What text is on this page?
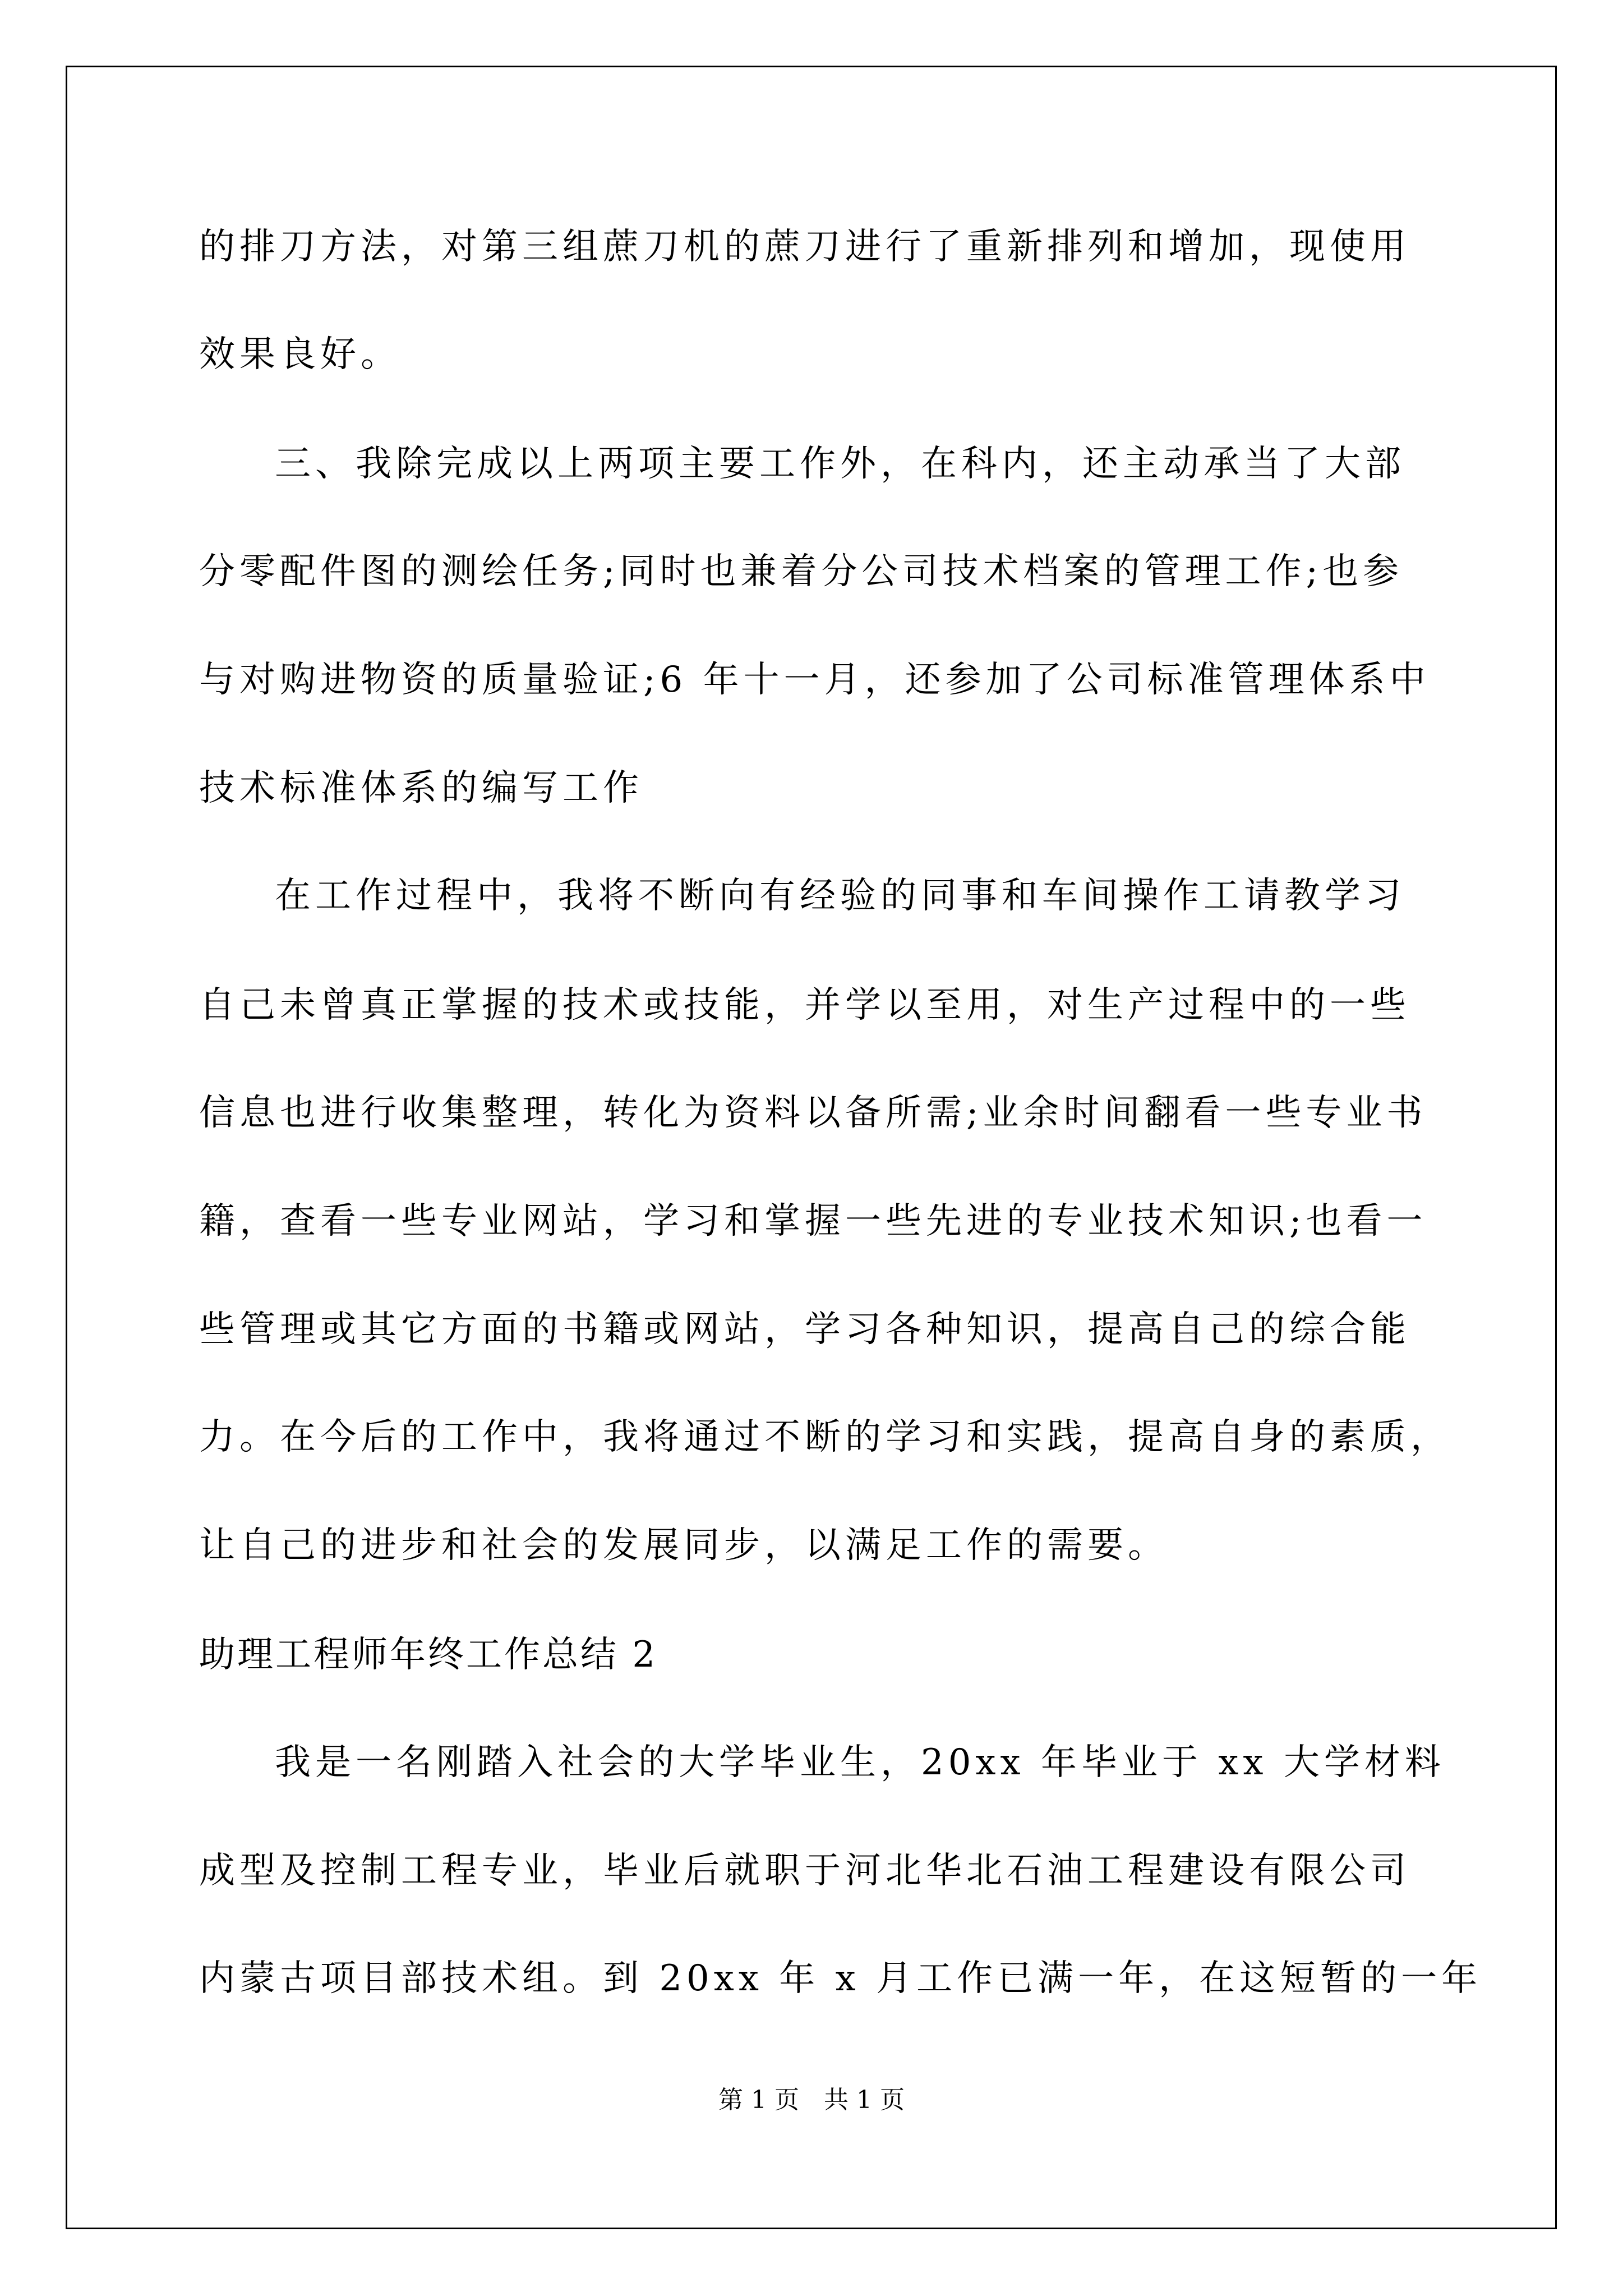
的排刀方法，对第三组蔗刀机的蔗刀进行了重新排列和增加，现使用
效果良好。
三、我除完成以上两项主要工作外，在科内，还主动承当了大部
分零配件图的测绘任务;同时也兼着分公司技术档案的管理工作;也参
与对购进物资的质量验证;6 年十一月，还参加了公司标准管理体系中
技术标准体系的编写工作
在工作过程中，我将不断向有经验的同事和车间操作工请教学习
自己未曾真正掌握的技术或技能，并学以至用，对生产过程中的一些
信息也进行收集整理，转化为资料以备所需;业余时间翻看一些专业书
籍，查看一些专业网站，学习和掌握一些先进的专业技术知识;也看一
些管理或其它方面的书籍或网站，学习各种知识，提高自己的综合能
力。在今后的工作中，我将通过不断的学习和实践，提高自身的素质，
让自己的进步和社会的发展同步，以满足工作的需要。
助理工程师年终工作总结 2
我是一名刚踏入社会的大学毕业生，20xx 年毕业于 xx 大学材料
成型及控制工程专业，毕业后就职于河北华北石油工程建设有限公司
内蒙古项目部技术组。到 20xx 年 x 月工作已满一年，在这短暂的一年
第 1 页　共 1 页
